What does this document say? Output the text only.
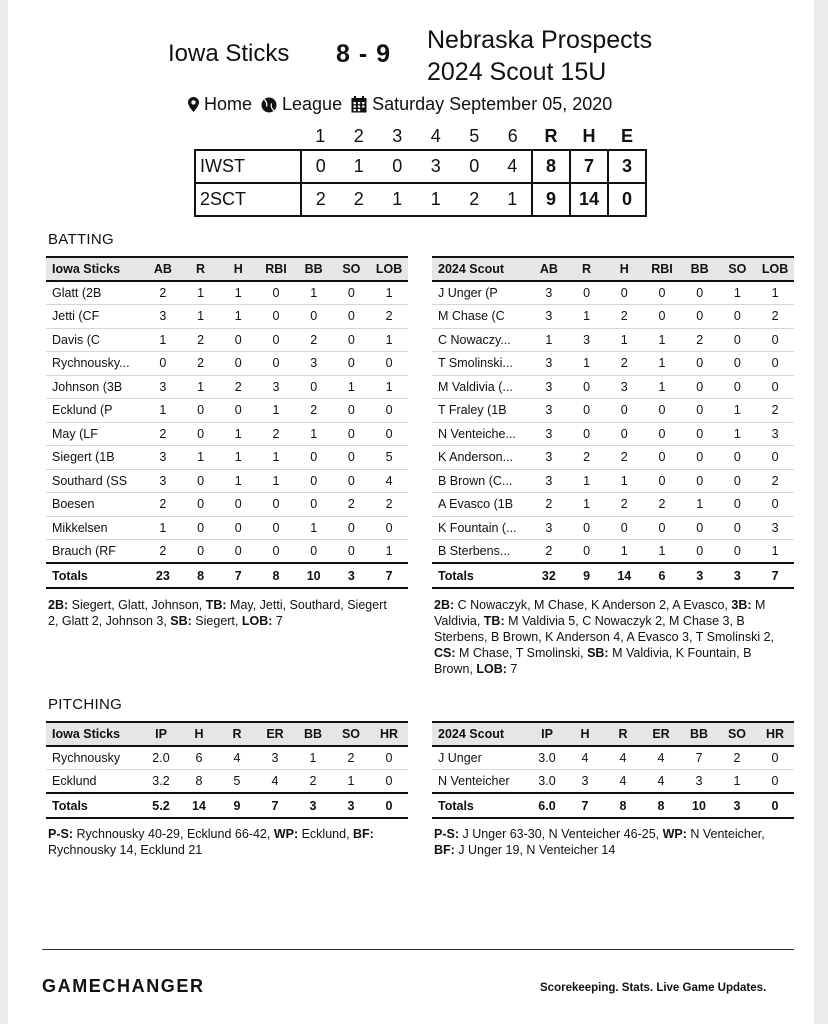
Iowa Sticks 8 - 9 Nebraska Prospects
2024 Scout 15U
Home League Saturday September 05, 2020
	1	2	3	4	5	6	R	H	E
IWST	0	1	0	3	0	4	8	7	3
2SCT	2	2	1	1	2	1	9	14	0
BATTING
Iowa Sticks	AB	R	H	RBI	BB	SO	LOB
Glatt (2B	2	1	1	0	1	0	1
Jetti (CF	3	1	1	0	0	0	2
Davis (C	1	2	0	0	2	0	1
Rychnousky...	0	2	0	0	3	0	0
Johnson (3B	3	1	2	3	0	1	1
Ecklund (P	1	0	0	1	2	0	0
May (LF	2	0	1	2	1	0	0
Siegert (1B	3	1	1	1	0	0	5
Southard (SS	3	0	1	1	0	0	4
Boesen	2	0	0	0	0	2	2
Mikkelsen	1	0	0	0	1	0	0
Brauch (RF	2	0	0	0	0	0	1
Totals	23	8	7	8	10	3	7
2024 Scout	AB	R	H	RBI	BB	SO	LOB
J Unger (P	3	0	0	0	0	1	1
M Chase (C	3	1	2	0	0	0	2
C Nowaczy...	1	3	1	1	2	0	0
T Smolinski...	3	1	2	1	0	0	0
M Valdivia (...	3	0	3	1	0	0	0
T Fraley (1B	3	0	0	0	0	1	2
N Venteiche...	3	0	0	0	0	1	3
K Anderson...	3	2	2	0	0	0	0
B Brown (C...	3	1	1	0	0	0	2
A Evasco (1B	2	1	2	2	1	0	0
K Fountain (...	3	0	0	0	0	0	3
B Sterbens...	2	0	1	1	0	0	1
Totals	32	9	14	6	3	3	7
2B: Siegert, Glatt, Johnson, TB: May, Jetti, Southard, Siegert 2, Glatt 2, Johnson 3, SB: Siegert, LOB: 7
2B: C Nowaczyk, M Chase, K Anderson 2, A Evasco, 3B: M Valdivia, TB: M Valdivia 5, C Nowaczyk 2, M Chase 3, B Sterbens, B Brown, K Anderson 4, A Evasco 3, T Smolinski 2, CS: M Chase, T Smolinski, SB: M Valdivia, K Fountain, B Brown, LOB: 7
PITCHING
Iowa Sticks	IP	H	R	ER	BB	SO	HR
Rychnousky	2.0	6	4	3	1	2	0
Ecklund	3.2	8	5	4	2	1	0
Totals	5.2	14	9	7	3	3	0
2024 Scout	IP	H	R	ER	BB	SO	HR
J Unger	3.0	4	4	4	7	2	0
N Venteicher	3.0	3	4	4	3	1	0
Totals	6.0	7	8	8	10	3	0
P-S: Rychnousky 40-29, Ecklund 66-42, WP: Ecklund, BF: Rychnousky 14, Ecklund 21
P-S: J Unger 63-30, N Venteicher 46-25, WP: N Venteicher, BF: J Unger 19, N Venteicher 14
GAMECHANGER	Scorekeeping. Stats. Live Game Updates.
